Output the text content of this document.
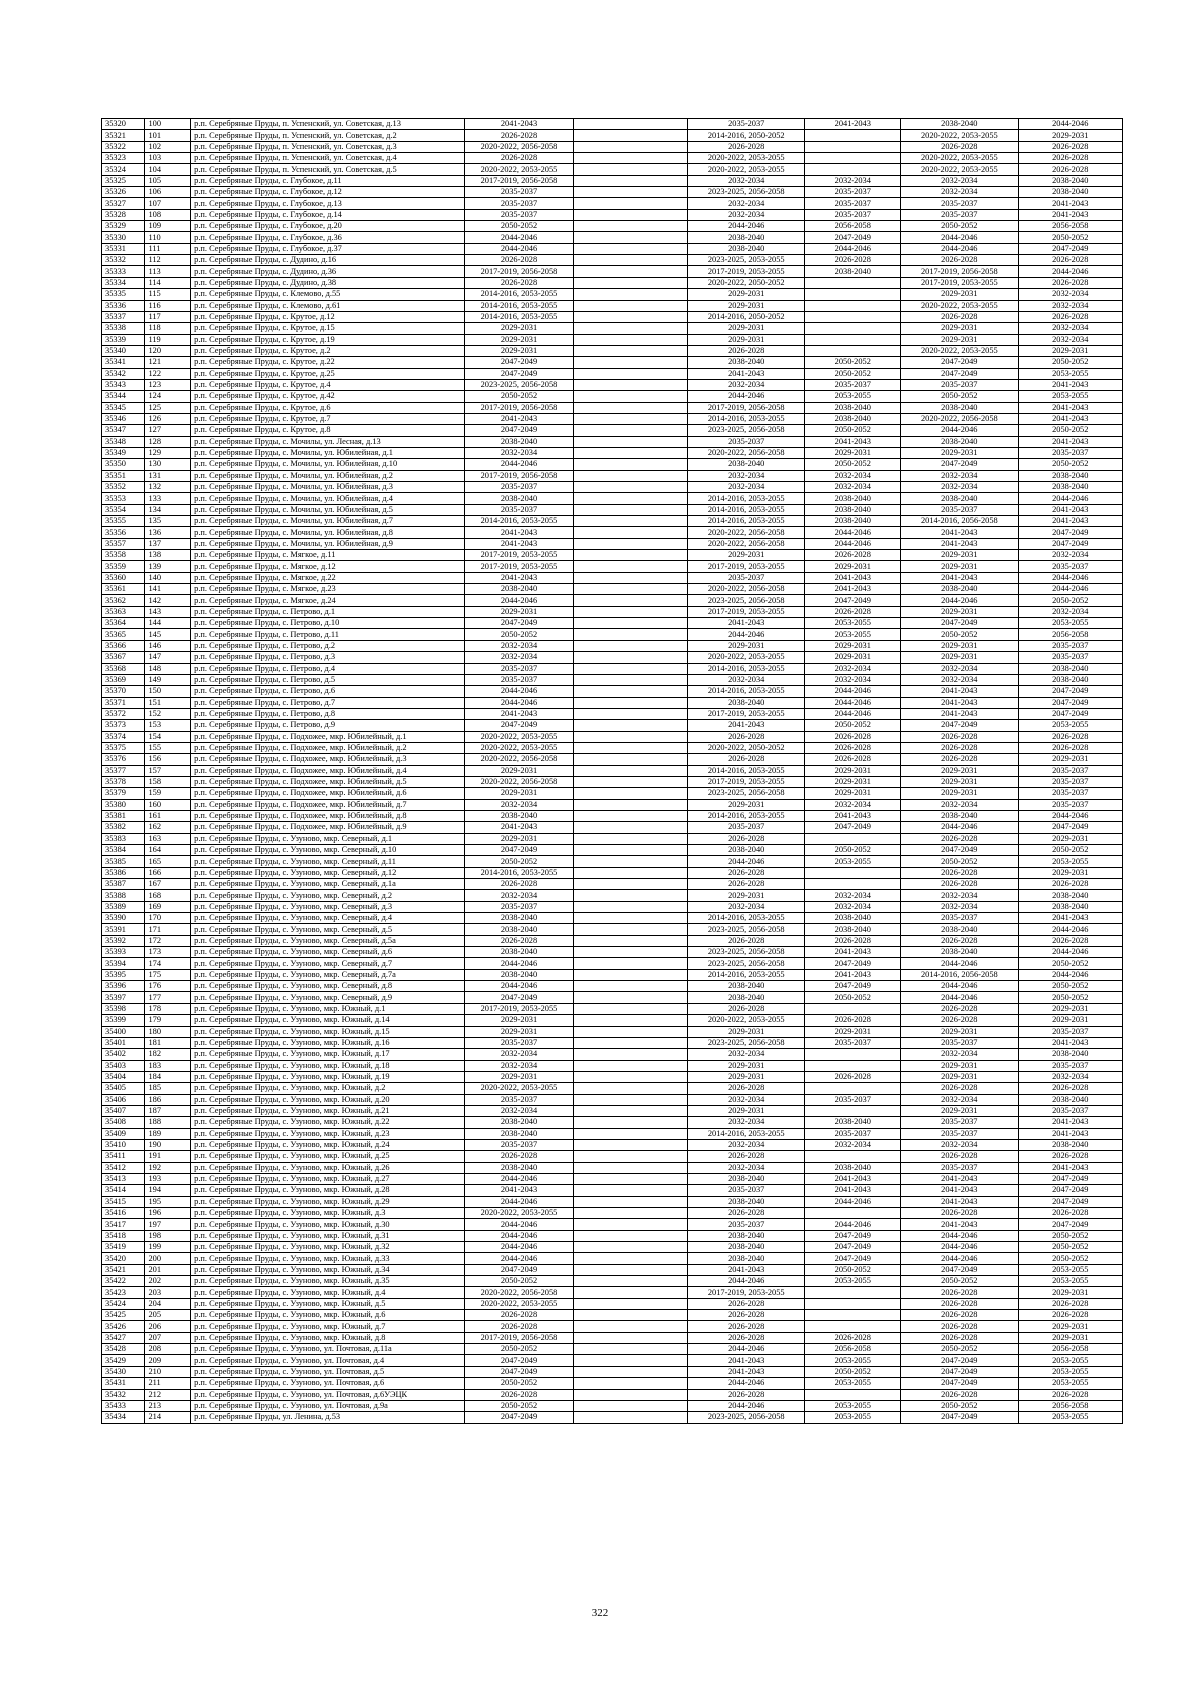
35320	100	р.п. Серебряные Пруды, п. Успенский, ул. Советская, д.13	2041-2043		2035-2037	2041-2043	2038-2040	2044-2046
35321	101	р.п. Серебряные Пруды, п. Успенский, ул. Советская, д.2	2026-2028		2014-2016, 2050-2052		2020-2022, 2053-2055	2029-2031
35322	102	р.п. Серебряные Пруды, п. Успенский, ул. Советская, д.3	2020-2022, 2056-2058		2026-2028		2026-2028	2026-2028
35323	103	р.п. Серебряные Пруды, п. Успенский, ул. Советская, д.4	2026-2028		2020-2022, 2053-2055		2020-2022, 2053-2055	2026-2028
35324	104	р.п. Серебряные Пруды, п. Успенский, ул. Советская, д.5	2020-2022, 2053-2055		2020-2022, 2053-2055		2020-2022, 2053-2055	2026-2028
35325	105	р.п. Серебряные Пруды, с. Глубокое, д.11	2017-2019, 2056-2058		2032-2034	2032-2034	2032-2034	2038-2040
35326	106	р.п. Серебряные Пруды, с. Глубокое, д.12	2035-2037		2023-2025, 2056-2058	2035-2037	2032-2034	2038-2040
35327	107	р.п. Серебряные Пруды, с. Глубокое, д.13	2035-2037		2032-2034	2035-2037	2035-2037	2041-2043
35328	108	р.п. Серебряные Пруды, с. Глубокое, д.14	2035-2037		2032-2034	2035-2037	2035-2037	2041-2043
35329	109	р.п. Серебряные Пруды, с. Глубокое, д.20	2050-2052		2044-2046	2056-2058	2050-2052	2056-2058
35330	110	р.п. Серебряные Пруды, с. Глубокое, д.36	2044-2046		2038-2040	2047-2049	2044-2046	2050-2052
35331	111	р.п. Серебряные Пруды, с. Глубокое, д.37	2044-2046		2038-2040	2044-2046	2044-2046	2047-2049
35332	112	р.п. Серебряные Пруды, с. Дудино, д.16	2026-2028		2023-2025, 2053-2055	2026-2028	2026-2028	2026-2028
35333	113	р.п. Серебряные Пруды, с. Дудино, д.36	2017-2019, 2056-2058		2017-2019, 2053-2055	2038-2040	2017-2019, 2056-2058	2044-2046
35334	114	р.п. Серебряные Пруды, с. Дудино, д.38	2026-2028		2020-2022, 2050-2052		2017-2019, 2053-2055	2026-2028
35335	115	р.п. Серебряные Пруды, с. Клемово, д.55	2014-2016, 2053-2055		2029-2031		2029-2031	2032-2034
35336	116	р.п. Серебряные Пруды, с. Клемово, д.61	2014-2016, 2053-2055		2029-2031		2020-2022, 2053-2055	2032-2034
35337	117	р.п. Серебряные Пруды, с. Крутое, д.12	2014-2016, 2053-2055		2014-2016, 2050-2052		2026-2028	2026-2028
35338	118	р.п. Серебряные Пруды, с. Крутое, д.15	2029-2031		2029-2031		2029-2031	2032-2034
35339	119	р.п. Серебряные Пруды, с. Крутое, д.19	2029-2031		2029-2031		2029-2031	2032-2034
35340	120	р.п. Серебряные Пруды, с. Крутое, д.2	2029-2031		2026-2028		2020-2022, 2053-2055	2029-2031
35341	121	р.п. Серебряные Пруды, с. Крутое, д.22	2047-2049		2038-2040	2050-2052	2047-2049	2050-2052
35342	122	р.п. Серебряные Пруды, с. Крутое, д.25	2047-2049		2041-2043	2050-2052	2047-2049	2053-2055
35343	123	р.п. Серебряные Пруды, с. Крутое, д.4	2023-2025, 2056-2058		2032-2034	2035-2037	2035-2037	2041-2043
35344	124	р.п. Серебряные Пруды, с. Крутое, д.42	2050-2052		2044-2046	2053-2055	2050-2052	2053-2055
35345	125	р.п. Серебряные Пруды, с. Крутое, д.6	2017-2019, 2056-2058		2017-2019, 2056-2058	2038-2040	2038-2040	2041-2043
35346	126	р.п. Серебряные Пруды, с. Крутое, д.7	2041-2043		2014-2016, 2053-2055	2038-2040	2020-2022, 2056-2058	2041-2043
35347	127	р.п. Серебряные Пруды, с. Крутое, д.8	2047-2049		2023-2025, 2056-2058	2050-2052	2044-2046	2050-2052
35348	128	р.п. Серебряные Пруды, с. Мочилы, ул. Лесная, д.13	2038-2040		2035-2037	2041-2043	2038-2040	2041-2043
35349	129	р.п. Серебряные Пруды, с. Мочилы, ул. Юбилейная, д.1	2032-2034		2020-2022, 2056-2058	2029-2031	2029-2031	2035-2037
35350	130	р.п. Серебряные Пруды, с. Мочилы, ул. Юбилейная, д.10	2044-2046		2038-2040	2050-2052	2047-2049	2050-2052
35351	131	р.п. Серебряные Пруды, с. Мочилы, ул. Юбилейная, д.2	2017-2019, 2056-2058		2032-2034	2032-2034	2032-2034	2038-2040
35352	132	р.п. Серебряные Пруды, с. Мочилы, ул. Юбилейная, д.3	2035-2037		2032-2034	2032-2034	2032-2034	2038-2040
35353	133	р.п. Серебряные Пруды, с. Мочилы, ул. Юбилейная, д.4	2038-2040		2014-2016, 2053-2055	2038-2040	2038-2040	2044-2046
35354	134	р.п. Серебряные Пруды, с. Мочилы, ул. Юбилейная, д.5	2035-2037		2014-2016, 2053-2055	2038-2040	2035-2037	2041-2043
35355	135	р.п. Серебряные Пруды, с. Мочилы, ул. Юбилейная, д.7	2014-2016, 2053-2055		2014-2016, 2053-2055	2038-2040	2014-2016, 2056-2058	2041-2043
35356	136	р.п. Серебряные Пруды, с. Мочилы, ул. Юбилейная, д.8	2041-2043		2020-2022, 2056-2058	2044-2046	2041-2043	2047-2049
35357	137	р.п. Серебряные Пруды, с. Мочилы, ул. Юбилейная, д.9	2041-2043		2020-2022, 2056-2058	2044-2046	2041-2043	2047-2049
35358	138	р.п. Серебряные Пруды, с. Мягкое, д.11	2017-2019, 2053-2055		2029-2031	2026-2028	2029-2031	2032-2034
35359	139	р.п. Серебряные Пруды, с. Мягкое, д.12	2017-2019, 2053-2055		2017-2019, 2053-2055	2029-2031	2029-2031	2035-2037
35360	140	р.п. Серебряные Пруды, с. Мягкое, д.22	2041-2043		2035-2037	2041-2043	2041-2043	2044-2046
35361	141	р.п. Серебряные Пруды, с. Мягкое, д.23	2038-2040		2020-2022, 2056-2058	2041-2043	2038-2040	2044-2046
35362	142	р.п. Серебряные Пруды, с. Мягкое, д.24	2044-2046		2023-2025, 2056-2058	2047-2049	2044-2046	2050-2052
35363	143	р.п. Серебряные Пруды, с. Петрово, д.1	2029-2031		2017-2019, 2053-2055	2026-2028	2029-2031	2032-2034
35364	144	р.п. Серебряные Пруды, с. Петрово, д.10	2047-2049		2041-2043	2053-2055	2047-2049	2053-2055
35365	145	р.п. Серебряные Пруды, с. Петрово, д.11	2050-2052		2044-2046	2053-2055	2050-2052	2056-2058
35366	146	р.п. Серебряные Пруды, с. Петрово, д.2	2032-2034		2029-2031	2029-2031	2029-2031	2035-2037
35367	147	р.п. Серебряные Пруды, с. Петрово, д.3	2032-2034		2020-2022, 2053-2055	2029-2031	2029-2031	2035-2037
35368	148	р.п. Серебряные Пруды, с. Петрово, д.4	2035-2037		2014-2016, 2053-2055	2032-2034	2032-2034	2038-2040
35369	149	р.п. Серебряные Пруды, с. Петрово, д.5	2035-2037		2032-2034	2032-2034	2032-2034	2038-2040
35370	150	р.п. Серебряные Пруды, с. Петрово, д.6	2044-2046		2014-2016, 2053-2055	2044-2046	2041-2043	2047-2049
35371	151	р.п. Серебряные Пруды, с. Петрово, д.7	2044-2046		2038-2040	2044-2046	2041-2043	2047-2049
35372	152	р.п. Серебряные Пруды, с. Петрово, д.8	2041-2043		2017-2019, 2053-2055	2044-2046	2041-2043	2047-2049
35373	153	р.п. Серебряные Пруды, с. Петрово, д.9	2047-2049		2041-2043	2050-2052	2047-2049	2053-2055
35374	154	р.п. Серебряные Пруды, с. Подхожее, мкр. Юбилейный, д.1	2020-2022, 2053-2055		2026-2028	2026-2028	2026-2028	2026-2028
35375	155	р.п. Серебряные Пруды, с. Подхожее, мкр. Юбилейный, д.2	2020-2022, 2053-2055		2020-2022, 2050-2052	2026-2028	2026-2028	2026-2028
35376	156	р.п. Серебряные Пруды, с. Подхожее, мкр. Юбилейный, д.3	2020-2022, 2056-2058		2026-2028	2026-2028	2026-2028	2029-2031
35377	157	р.п. Серебряные Пруды, с. Подхожее, мкр. Юбилейный, д.4	2029-2031		2014-2016, 2053-2055	2029-2031	2029-2031	2035-2037
35378	158	р.п. Серебряные Пруды, с. Подхожее, мкр. Юбилейный, д.5	2020-2022, 2056-2058		2017-2019, 2053-2055	2029-2031	2029-2031	2035-2037
35379	159	р.п. Серебряные Пруды, с. Подхожее, мкр. Юбилейный, д.6	2029-2031		2023-2025, 2056-2058	2029-2031	2029-2031	2035-2037
35380	160	р.п. Серебряные Пруды, с. Подхожее, мкр. Юбилейный, д.7	2032-2034		2029-2031	2032-2034	2032-2034	2035-2037
35381	161	р.п. Серебряные Пруды, с. Подхожее, мкр. Юбилейный, д.8	2038-2040		2014-2016, 2053-2055	2041-2043	2038-2040	2044-2046
35382	162	р.п. Серебряные Пруды, с. Подхожее, мкр. Юбилейный, д.9	2041-2043		2035-2037	2047-2049	2044-2046	2047-2049
35383	163	р.п. Серебряные Пруды, с. Узуново, мкр. Северный, д.1	2029-2031		2026-2028		2026-2028	2029-2031
35384	164	р.п. Серебряные Пруды, с. Узуново, мкр. Северный, д.10	2047-2049		2038-2040	2050-2052	2047-2049	2050-2052
35385	165	р.п. Серебряные Пруды, с. Узуново, мкр. Северный, д.11	2050-2052		2044-2046	2053-2055	2050-2052	2053-2055
35386	166	р.п. Серебряные Пруды, с. Узуново, мкр. Северный, д.12	2014-2016, 2053-2055		2026-2028		2026-2028	2029-2031
35387	167	р.п. Серебряные Пруды, с. Узуново, мкр. Северный, д.1а	2026-2028		2026-2028		2026-2028	2026-2028
35388	168	р.п. Серебряные Пруды, с. Узуново, мкр. Северный, д.2	2032-2034		2029-2031	2032-2034	2032-2034	2038-2040
35389	169	р.п. Серебряные Пруды, с. Узуново, мкр. Северный, д.3	2035-2037		2032-2034	2032-2034	2032-2034	2038-2040
35390	170	р.п. Серебряные Пруды, с. Узуново, мкр. Северный, д.4	2038-2040		2014-2016, 2053-2055	2038-2040	2035-2037	2041-2043
35391	171	р.п. Серебряные Пруды, с. Узуново, мкр. Северный, д.5	2038-2040		2023-2025, 2056-2058	2038-2040	2038-2040	2044-2046
35392	172	р.п. Серебряные Пруды, с. Узуново, мкр. Северный, д.5а	2026-2028		2026-2028	2026-2028	2026-2028	2026-2028
35393	173	р.п. Серебряные Пруды, с. Узуново, мкр. Северный, д.6	2038-2040		2023-2025, 2056-2058	2041-2043	2038-2040	2044-2046
35394	174	р.п. Серебряные Пруды, с. Узуново, мкр. Северный, д.7	2044-2046		2023-2025, 2056-2058	2047-2049	2044-2046	2050-2052
35395	175	р.п. Серебряные Пруды, с. Узуново, мкр. Северный, д.7а	2038-2040		2014-2016, 2053-2055	2041-2043	2014-2016, 2056-2058	2044-2046
35396	176	р.п. Серебряные Пруды, с. Узуново, мкр. Северный, д.8	2044-2046		2038-2040	2047-2049	2044-2046	2050-2052
35397	177	р.п. Серебряные Пруды, с. Узуново, мкр. Северный, д.9	2047-2049		2038-2040	2050-2052	2044-2046	2050-2052
35398	178	р.п. Серебряные Пруды, с. Узуново, мкр. Южный, д.1	2017-2019, 2053-2055		2026-2028		2026-2028	2029-2031
35399	179	р.п. Серебряные Пруды, с. Узуново, мкр. Южный, д.14	2029-2031		2020-2022, 2053-2055	2026-2028	2026-2028	2029-2031
35400	180	р.п. Серебряные Пруды, с. Узуново, мкр. Южный, д.15	2029-2031		2029-2031	2029-2031	2029-2031	2035-2037
35401	181	р.п. Серебряные Пруды, с. Узуново, мкр. Южный, д.16	2035-2037		2023-2025, 2056-2058	2035-2037	2035-2037	2041-2043
35402	182	р.п. Серебряные Пруды, с. Узуново, мкр. Южный, д.17	2032-2034		2032-2034		2032-2034	2038-2040
35403	183	р.п. Серебряные Пруды, с. Узуново, мкр. Южный, д.18	2032-2034		2029-2031		2029-2031	2035-2037
35404	184	р.п. Серебряные Пруды, с. Узуново, мкр. Южный, д.19	2029-2031		2029-2031	2026-2028	2029-2031	2032-2034
35405	185	р.п. Серебряные Пруды, с. Узуново, мкр. Южный, д.2	2020-2022, 2053-2055		2026-2028		2026-2028	2026-2028
35406	186	р.п. Серебряные Пруды, с. Узуново, мкр. Южный, д.20	2035-2037		2032-2034	2035-2037	2032-2034	2038-2040
35407	187	р.п. Серебряные Пруды, с. Узуново, мкр. Южный, д.21	2032-2034		2029-2031		2029-2031	2035-2037
35408	188	р.п. Серебряные Пруды, с. Узуново, мкр. Южный, д.22	2038-2040		2032-2034	2038-2040	2035-2037	2041-2043
35409	189	р.п. Серебряные Пруды, с. Узуново, мкр. Южный, д.23	2038-2040		2014-2016, 2053-2055	2035-2037	2035-2037	2041-2043
35410	190	р.п. Серебряные Пруды, с. Узуново, мкр. Южный, д.24	2035-2037		2032-2034	2032-2034	2032-2034	2038-2040
35411	191	р.п. Серебряные Пруды, с. Узуново, мкр. Южный, д.25	2026-2028		2026-2028		2026-2028	2026-2028
35412	192	р.п. Серебряные Пруды, с. Узуново, мкр. Южный, д.26	2038-2040		2032-2034	2038-2040	2035-2037	2041-2043
35413	193	р.п. Серебряные Пруды, с. Узуново, мкр. Южный, д.27	2044-2046		2038-2040	2041-2043	2041-2043	2047-2049
35414	194	р.п. Серебряные Пруды, с. Узуново, мкр. Южный, д.28	2041-2043		2035-2037	2041-2043	2041-2043	2047-2049
35415	195	р.п. Серебряные Пруды, с. Узуново, мкр. Южный, д.29	2044-2046		2038-2040	2044-2046	2041-2043	2047-2049
35416	196	р.п. Серебряные Пруды, с. Узуново, мкр. Южный, д.3	2020-2022, 2053-2055		2026-2028		2026-2028	2026-2028
35417	197	р.п. Серебряные Пруды, с. Узуново, мкр. Южный, д.30	2044-2046		2035-2037	2044-2046	2041-2043	2047-2049
35418	198	р.п. Серебряные Пруды, с. Узуново, мкр. Южный, д.31	2044-2046		2038-2040	2047-2049	2044-2046	2050-2052
35419	199	р.п. Серебряные Пруды, с. Узуново, мкр. Южный, д.32	2044-2046		2038-2040	2047-2049	2044-2046	2050-2052
35420	200	р.п. Серебряные Пруды, с. Узуново, мкр. Южный, д.33	2044-2046		2038-2040	2047-2049	2044-2046	2050-2052
35421	201	р.п. Серебряные Пруды, с. Узуново, мкр. Южный, д.34	2047-2049		2041-2043	2050-2052	2047-2049	2053-2055
35422	202	р.п. Серебряные Пруды, с. Узуново, мкр. Южный, д.35	2050-2052		2044-2046	2053-2055	2050-2052	2053-2055
35423	203	р.п. Серебряные Пруды, с. Узуново, мкр. Южный, д.4	2020-2022, 2056-2058		2017-2019, 2053-2055		2026-2028	2029-2031
35424	204	р.п. Серебряные Пруды, с. Узуново, мкр. Южный, д.5	2020-2022, 2053-2055		2026-2028		2026-2028	2026-2028
35425	205	р.п. Серебряные Пруды, с. Узуново, мкр. Южный, д.6	2026-2028		2026-2028		2026-2028	2026-2028
35426	206	р.п. Серебряные Пруды, с. Узуново, мкр. Южный, д.7	2026-2028		2026-2028		2026-2028	2029-2031
35427	207	р.п. Серебряные Пруды, с. Узуново, мкр. Южный, д.8	2017-2019, 2056-2058		2026-2028	2026-2028	2026-2028	2029-2031
35428	208	р.п. Серебряные Пруды, с. Узуново, ул. Почтовая, д.11а	2050-2052		2044-2046	2056-2058	2050-2052	2056-2058
35429	209	р.п. Серебряные Пруды, с. Узуново, ул. Почтовая, д.4	2047-2049		2041-2043	2053-2055	2047-2049	2053-2055
35430	210	р.п. Серебряные Пруды, с. Узуново, ул. Почтовая, д.5	2047-2049		2041-2043	2050-2052	2047-2049	2053-2055
35431	211	р.п. Серебряные Пруды, с. Узуново, ул. Почтовая, д.6	2050-2052		2044-2046	2053-2055	2047-2049	2053-2055
35432	212	р.п. Серебряные Пруды, с. Узуново, ул. Почтовая, д.6УЭЦК	2026-2028		2026-2028		2026-2028	2026-2028
35433	213	р.п. Серебряные Пруды, с. Узуново, ул. Почтовая, д.9а	2050-2052		2044-2046	2053-2055	2050-2052	2056-2058
35434	214	р.п. Серебряные Пруды, ул. Ленина, д.53	2047-2049		2023-2025, 2056-2058	2053-2055	2047-2049	2053-2055
322
